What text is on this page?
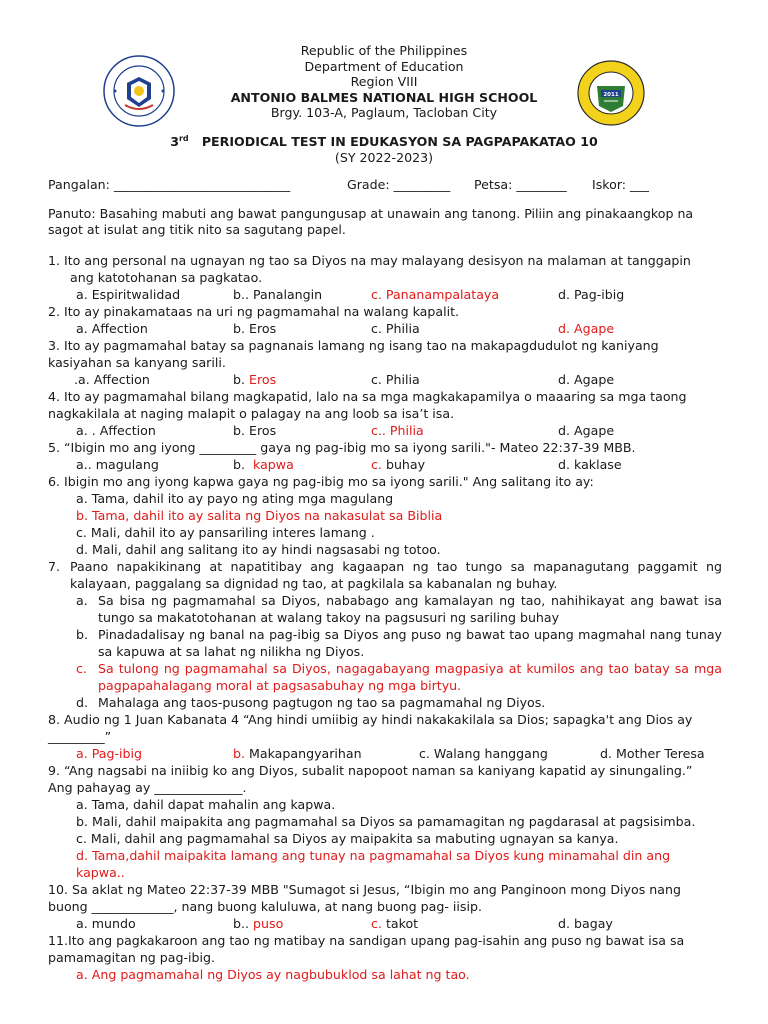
2011
Republic of the Philippines
Department of Education
Region VIII
ANTONIO BALMES NATIONAL HIGH SCHOOL
Brgy. 103-A, Paglaum, Tacloban City
3rd PERIODICAL TEST IN EDUKASYON SA PAGPAPAKATAO 10
(SY 2022-2023)
Pangalan: ____________________________	Grade: _________ Petsa: ________ Iskor: ___
Panuto: Basahing mabuti ang bawat pangungusap at unawain ang tanong. Piliin ang pinakaangkop na
sagot at isulat ang titik nito sa sagutang papel.
1. Ito ang personal na ugnayan ng tao sa Diyos na may malayang desisyon na malaman at tanggapin
ang katotohanan sa pagkatao.
a. Espiritwalidad	b.. Panalangin	c. Pananampalataya	d. Pag-ibig
2. Ito ay pinakamataas na uri ng pagmamahal na walang kapalit.
a. Affection	b. Eros	c. Philia	d. Agape
3. Ito ay pagmamahal batay sa pagnanais lamang ng isang tao na makapagdudulot ng kaniyang
kasiyahan sa kanyang sarili.
.a. Affection	b. Eros	c. Philia	d. Agape
4. Ito ay pagmamahal bilang magkapatid, lalo na sa mga magkakapamilya o maaaring sa mga taong
nagkakilala at naging malapit o palagay na ang loob sa isa’t isa.
a. . Affection	b. Eros	c.. Philia	d. Agape
5. “Ibigin mo ang iyong _________ gaya ng pag-ibig mo sa iyong sarili."- Mateo 22:37-39 MBB.
a.. magulang	b. kapwa	c. buhay	d. kaklase
6. Ibigin mo ang iyong kapwa gaya ng pag-ibig mo sa iyong sarili." Ang salitang ito ay:
a. Tama, dahil ito ay payo ng ating mga magulang
b. Tama, dahil ito ay salita ng Diyos na nakasulat sa Biblia
c. Mali, dahil ito ay pansariling interes lamang .
d. Mali, dahil ang salitang ito ay hindi nagsasabi ng totoo.
7. Paano napakikinang at napatitibay ang kagaapan ng tao tungo sa mapanagutang paggamit ng kalayaan, paggalang sa dignidad ng tao, at pagkilala sa kabanalan ng buhay.
a. Sa bisa ng pagmamahal sa Diyos, nababago ang kamalayan ng tao, nahihikayat ang bawat isa tungo sa makatotohanan at walang takoy na pagsusuri ng sariling buhay
b. Pinadadalisay ng banal na pag-ibig sa Diyos ang puso ng bawat tao upang magmahal nang tunay sa kapuwa at sa lahat ng nilikha ng Diyos.
c. Sa tulong ng pagmamahal sa Diyos, nagagabayang magpasiya at kumilos ang tao batay sa mga pagpapahalagang moral at pagsasabuhay ng mga birtyu.
d. Mahalaga ang taos-pusong pagtugon ng tao sa pagmamahal ng Diyos.
8. Audio ng 1 Juan Kabanata 4 “Ang hindi umiibig ay hindi nakakakilala sa Dios; sapagka't ang Dios ay
_________”
a. Pag-ibig	b. Makapangyarihan	c. Walang hanggang	d. Mother Teresa
9. “Ang nagsabi na iniibig ko ang Diyos, subalit napopoot naman sa kaniyang kapatid ay sinungaling.”
Ang pahayag ay ______________.
a. Tama, dahil dapat mahalin ang kapwa.
b. Mali, dahil maipakita ang pagmamahal sa Diyos sa pamamagitan ng pagdarasal at pagsisimba.
c. Mali, dahil ang pagmamahal sa Diyos ay maipakita sa mabuting ugnayan sa kanya.
d. Tama,dahil maipakita lamang ang tunay na pagmamahal sa Diyos kung minamahal din ang
kapwa..
10. Sa aklat ng Mateo 22:37-39 MBB "Sumagot si Jesus, “Ibigin mo ang Panginoon mong Diyos nang
buong _____________, nang buong kaluluwa, at nang buong pag- iisip.
a. mundo	b.. puso	c. takot	d. bagay
11.Ito ang pagkakaroon ang tao ng matibay na sandigan upang pag-isahin ang puso ng bawat isa sa
pamamagitan ng pag-ibig.
a. Ang pagmamahal ng Diyos ay nagbubuklod sa lahat ng tao.
